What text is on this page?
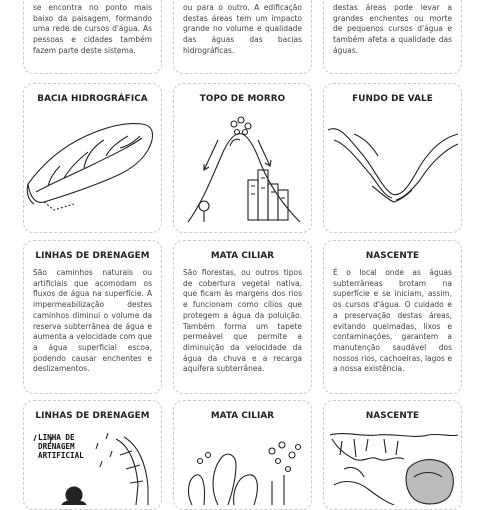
se encontra no ponto mais baixo da paisagem, formando uma rede de cursos d'água. As pessoas e cidades também fazem parte deste sistema.
ou para o outro. A edificação destas áreas tem um impacto grande no volume e qualidade das águas das bacias hidrográficas.
destas áreas pode levar a grandes enchentes ou morte de pequenos cursos d'água e também afeta a qualidade das águas.
BACIA HIDROGRÁFICA	TOPO DE MORRO	FUNDO DE VALE
LINHAS DE DRENAGEM
São caminhos naturais ou artificiais que acomodam os fluxos de água na superfície. A impermeabilização destes caminhos diminui o volume da reserva subterrânea de água e aumenta a velocidade com que a água superficial escoa, podendo causar enchentes e deslizamentos.
MATA CILIAR
São florestas, ou outros tipos de cobertura vegetal nativa, que ficam às margens dos rios e funcionam como cílios que protegem a água da poluição. Também forma um tapete permeável que permite a diminuição da velocidade da água da chuva e a recarga aquífera subterrânea.
NASCENTE
É o local onde as águas subterrâneas brotam na superfície e se iniciam, assim, os cursos d'água. O cuidado e a preservação destas áreas, evitando queimadas, lixos e contaminações, garantem a manutenção saudável dos nossos rios, cachoeiras, lagos e a nossa existência.
LINHAS DE DRENAGEM
LINHA DE DRENAGEM ARTIFICIAL
MATA CILIAR	NASCENTE
